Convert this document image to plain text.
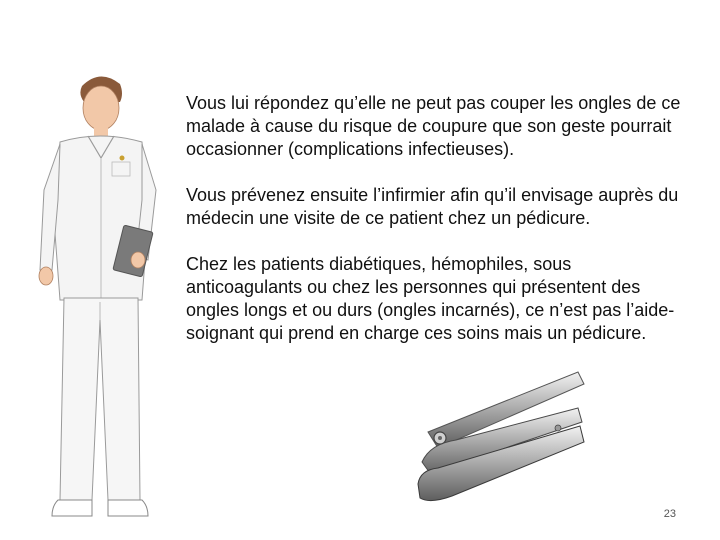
Vous lui répondez qu’elle ne peut pas couper les ongles de ce malade à cause du risque de coupure que son geste pourrait occasionner (complications infectieuses).

Vous prévenez ensuite l’infirmier afin qu’il envisage auprès du médecin une visite de ce patient chez un pédicure.

Chez les patients diabétiques, hémophiles, sous anticoagulants ou chez les personnes qui présentent des ongles longs et ou durs (ongles incarnés), ce n’est pas l’aide-soignant qui prend en charge ces soins mais un pédicure.

23
